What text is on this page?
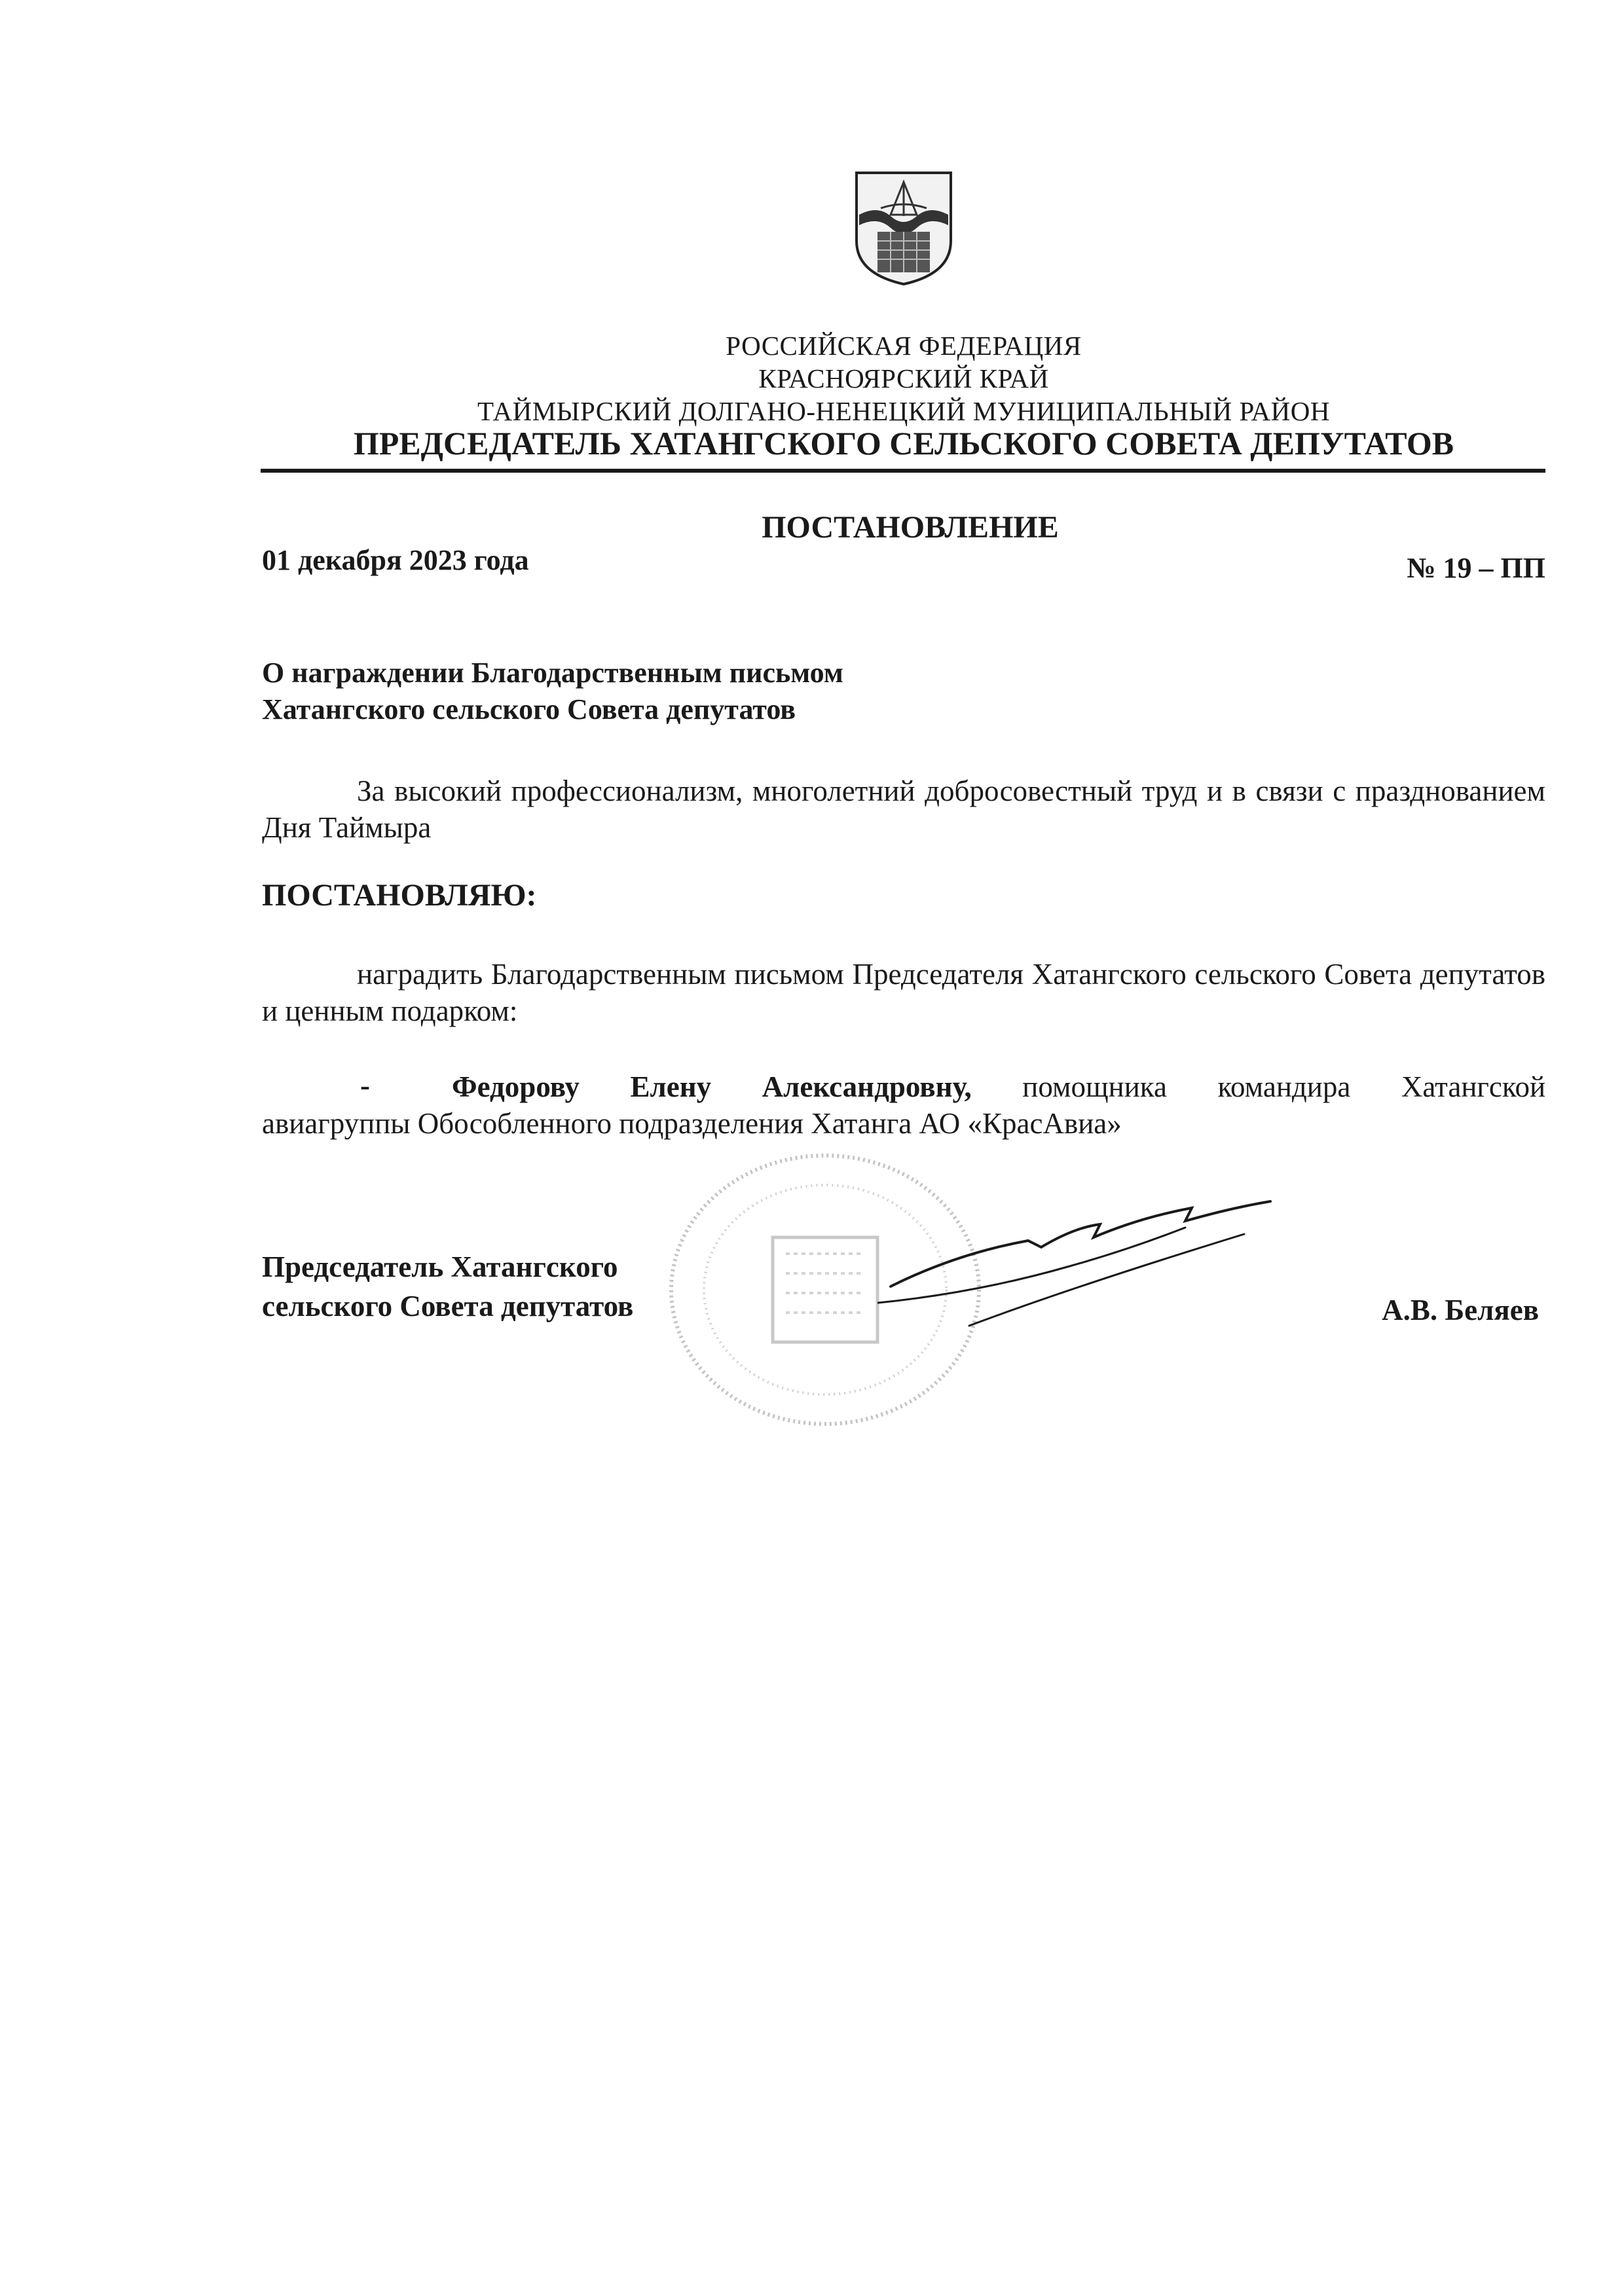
РОССИЙСКАЯ ФЕДЕРАЦИЯ
КРАСНОЯРСКИЙ КРАЙ
ТАЙМЫРСКИЙ ДОЛГАНО-НЕНЕЦКИЙ МУНИЦИПАЛЬНЫЙ РАЙОН
ПРЕДСЕДАТЕЛЬ ХАТАНГСКОГО СЕЛЬСКОГО СОВЕТА ДЕПУТАТОВ
ПОСТАНОВЛЕНИЕ
01 декабря 2023 года	№ 19 – ПП
О награждении Благодарственным письмом
Хатангского сельского Совета депутатов
За высокий профессионализм, многолетний добросовестный труд и в связи с празднованием Дня Таймыра
ПОСТАНОВЛЯЮ:
наградить Благодарственным письмом Председателя Хатангского сельского Совета депутатов и ценным подарком:
-	Федорову Елену Александровну, помощника командира Хатангской
авиагруппы Обособленного подразделения Хатанга АО «КрасАвиа»
Председатель Хатангского
сельского Совета депутатов	А.В. Беляев
